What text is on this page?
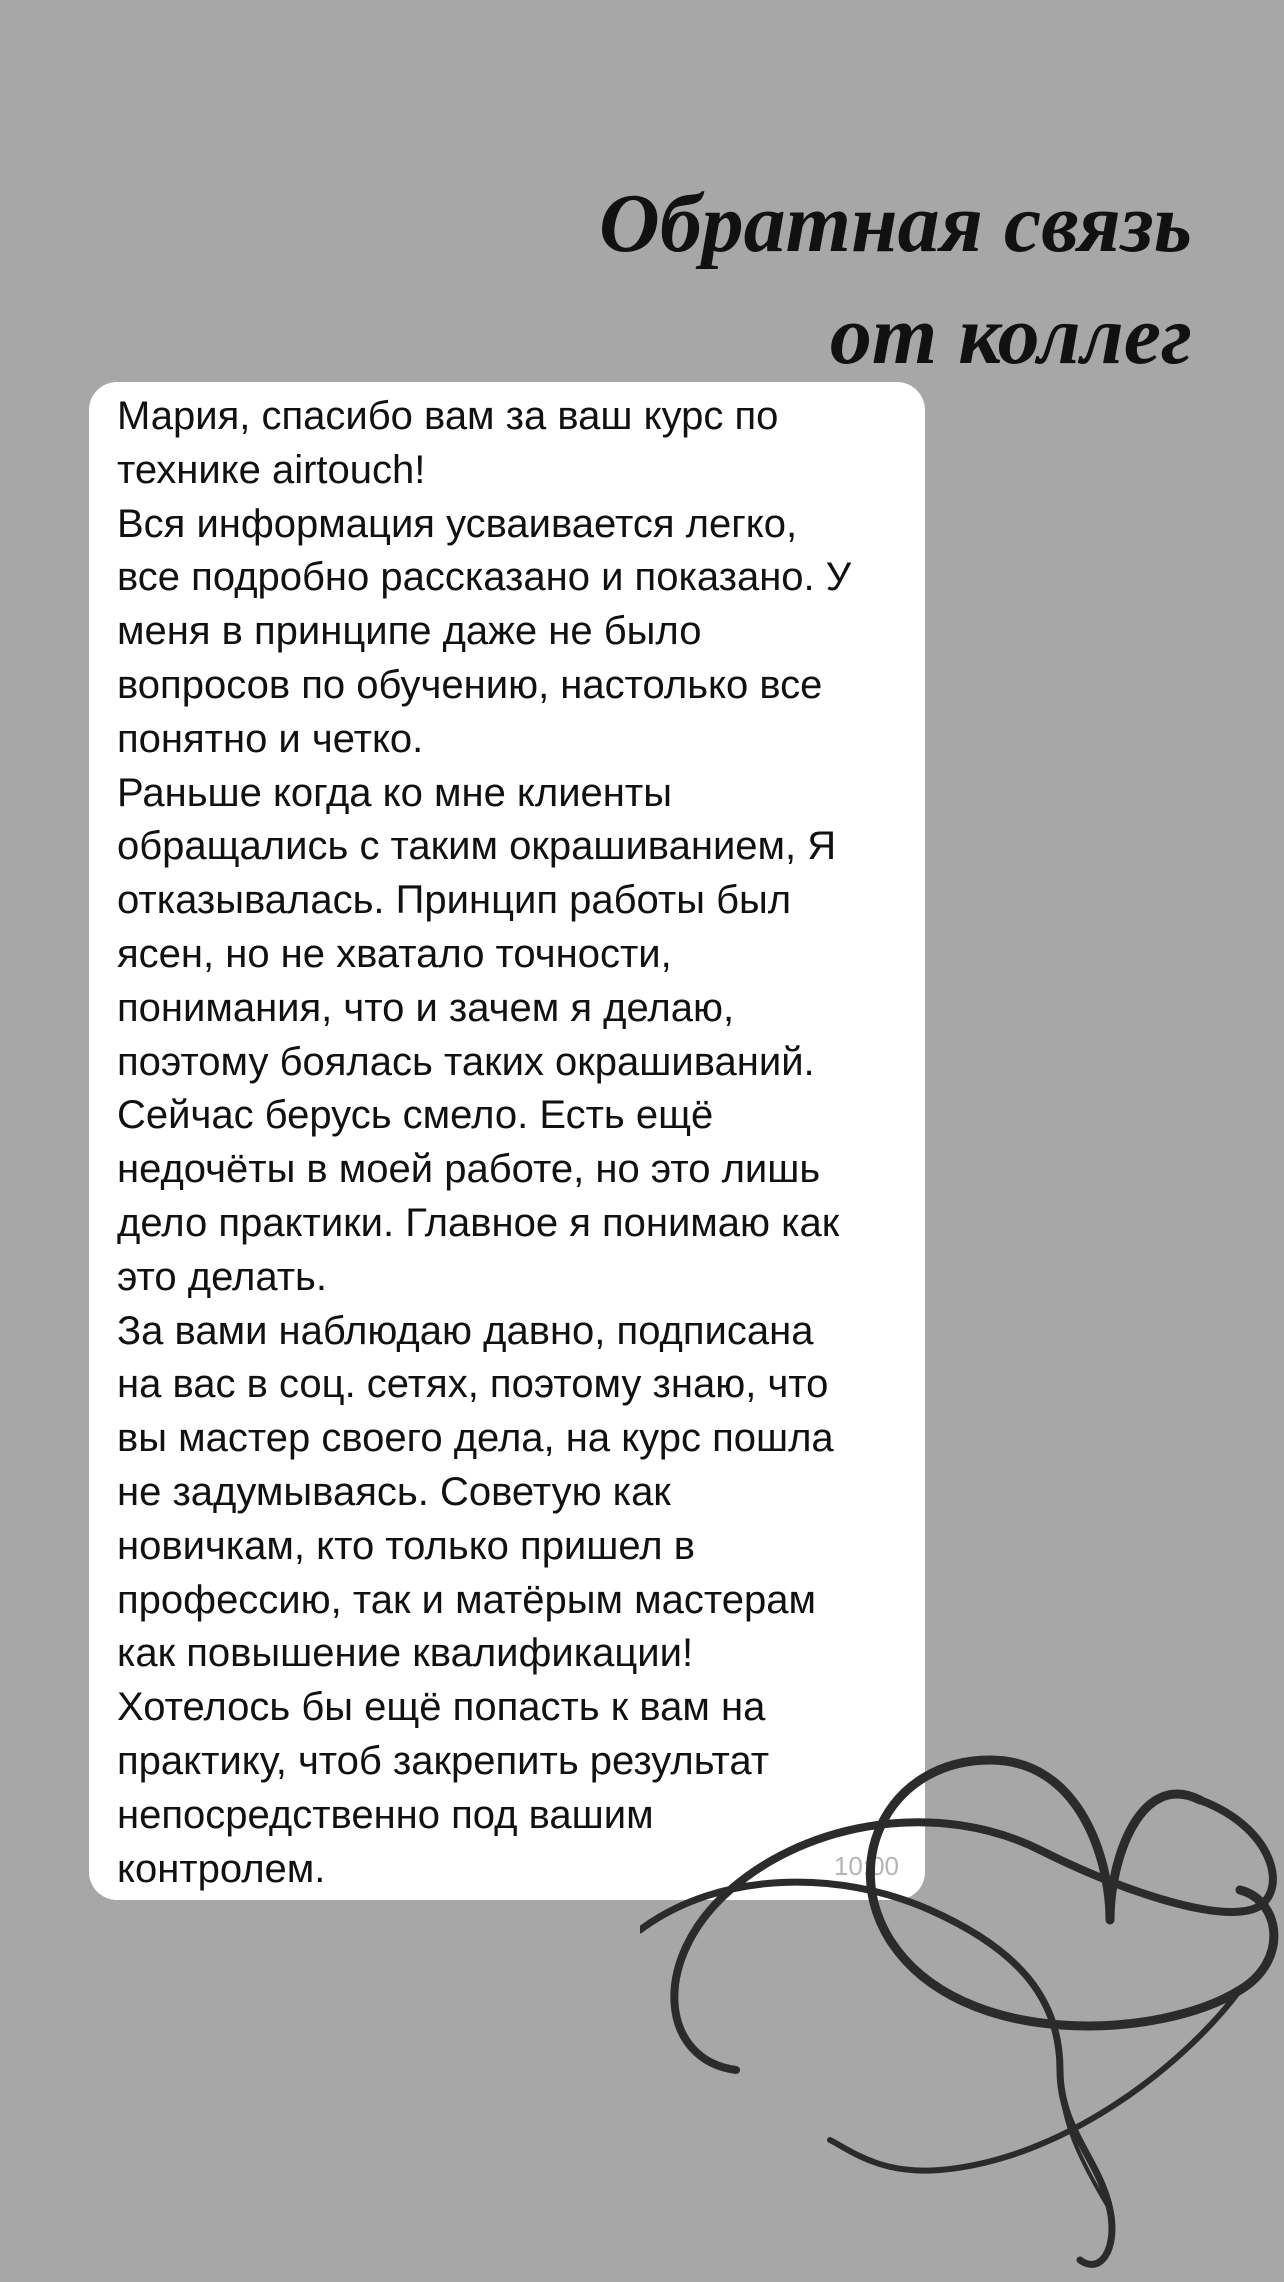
Обратная связь
от коллег

Мария, спасибо вам за ваш курс по
технике airtouch!
Вся информация усваивается легко,
все подробно рассказано и показано. У
меня в принципе даже не было
вопросов по обучению, настолько все
понятно и четко.
Раньше когда ко мне клиенты
обращались с таким окрашиванием, Я
отказывалась. Принцип работы был
ясен, но не хватало точности,
понимания, что и зачем я делаю,
поэтому боялась таких окрашиваний.
Сейчас берусь смело. Есть ещё
недочёты в моей работе, но это лишь
дело практики. Главное я понимаю как
это делать.
За вами наблюдаю давно, подписана
на вас в соц. сетях, поэтому знаю, что
вы мастер своего дела, на курс пошла
не задумываясь. Советую как
новичкам, кто только пришел в
профессию, так и матёрым мастерам
как повышение квалификации!
Хотелось бы ещё попасть к вам на
практику, чтоб закрепить результат
непосредственно под вашим
контролем.	10:00
